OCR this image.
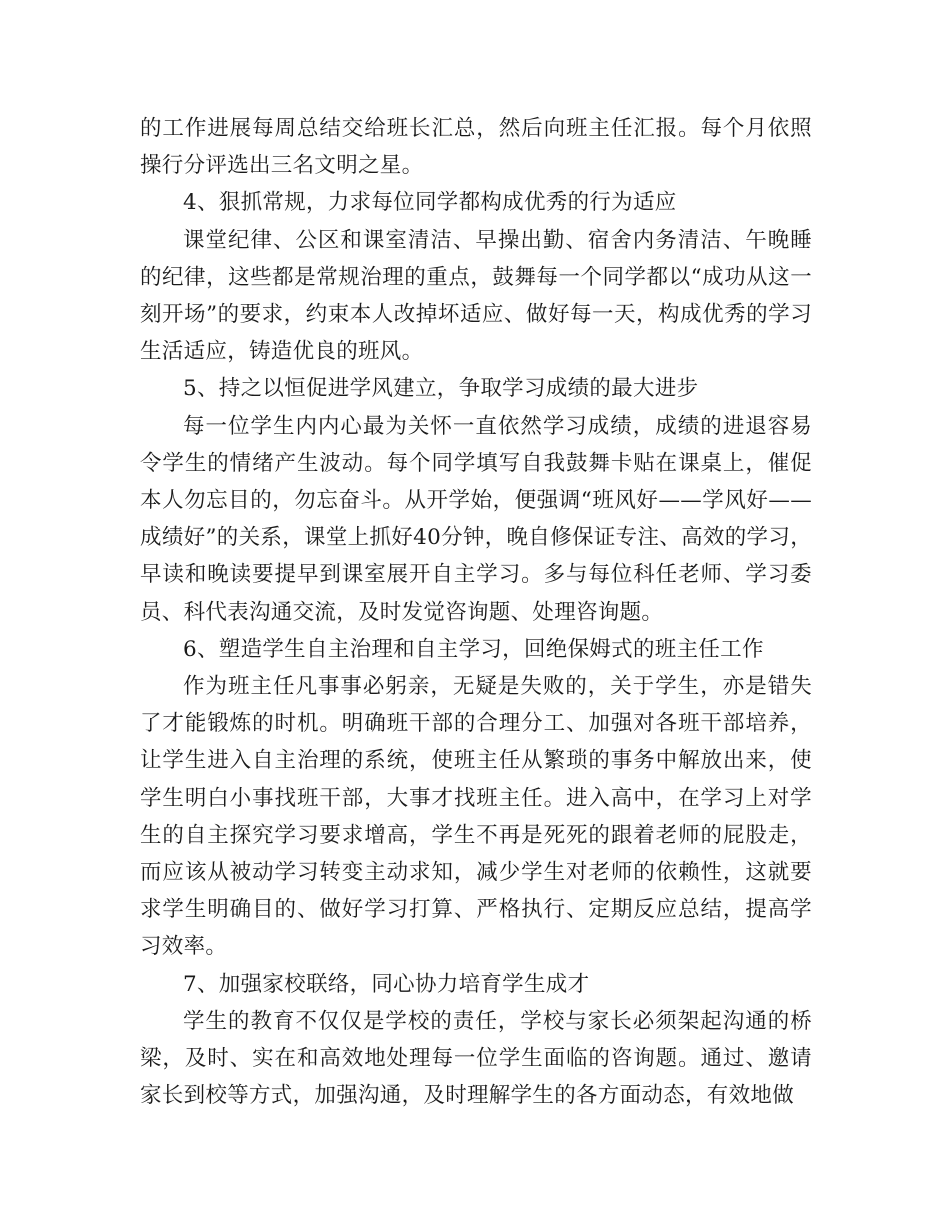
的工作进展每周总结交给班长汇总，然后向班主任汇报。每个月依照操行分评选出三名文明之星。

4、狠抓常规，力求每位同学都构成优秀的行为适应

课堂纪律、公区和课室清洁、早操出勤、宿舍内务清洁、午晚睡的纪律，这些都是常规治理的重点，鼓舞每一个同学都以“成功从这一刻开场”的要求，约束本人改掉坏适应、做好每一天，构成优秀的学习生活适应，铸造优良的班风。

5、持之以恒促进学风建立，争取学习成绩的最大进步

每一位学生内内心最为关怀一直依然学习成绩，成绩的进退容易令学生的情绪产生波动。每个同学填写自我鼓舞卡贴在课桌上，催促本人勿忘目的，勿忘奋斗。从开学始，便强调“班风好——学风好——成绩好”的关系，课堂上抓好40分钟，晚自修保证专注、高效的学习，早读和晚读要提早到课室展开自主学习。多与每位科任老师、学习委员、科代表沟通交流，及时发觉咨询题、处理咨询题。

6、塑造学生自主治理和自主学习，回绝保姆式的班主任工作

作为班主任凡事事必躬亲，无疑是失败的，关于学生，亦是错失了才能锻炼的时机。明确班干部的合理分工、加强对各班干部培养，让学生进入自主治理的系统，使班主任从繁琐的事务中解放出来，使学生明白小事找班干部，大事才找班主任。进入高中，在学习上对学生的自主探究学习要求增高，学生不再是死死的跟着老师的屁股走，而应该从被动学习转变主动求知，减少学生对老师的依赖性，这就要求学生明确目的、做好学习打算、严格执行、定期反应总结，提高学习效率。

7、加强家校联络，同心协力培育学生成才

学生的教育不仅仅是学校的责任，学校与家长必须架起沟通的桥梁，及时、实在和高效地处理每一位学生面临的咨询题。通过、邀请家长到校等方式，加强沟通，及时理解学生的各方面动态，有效地做
